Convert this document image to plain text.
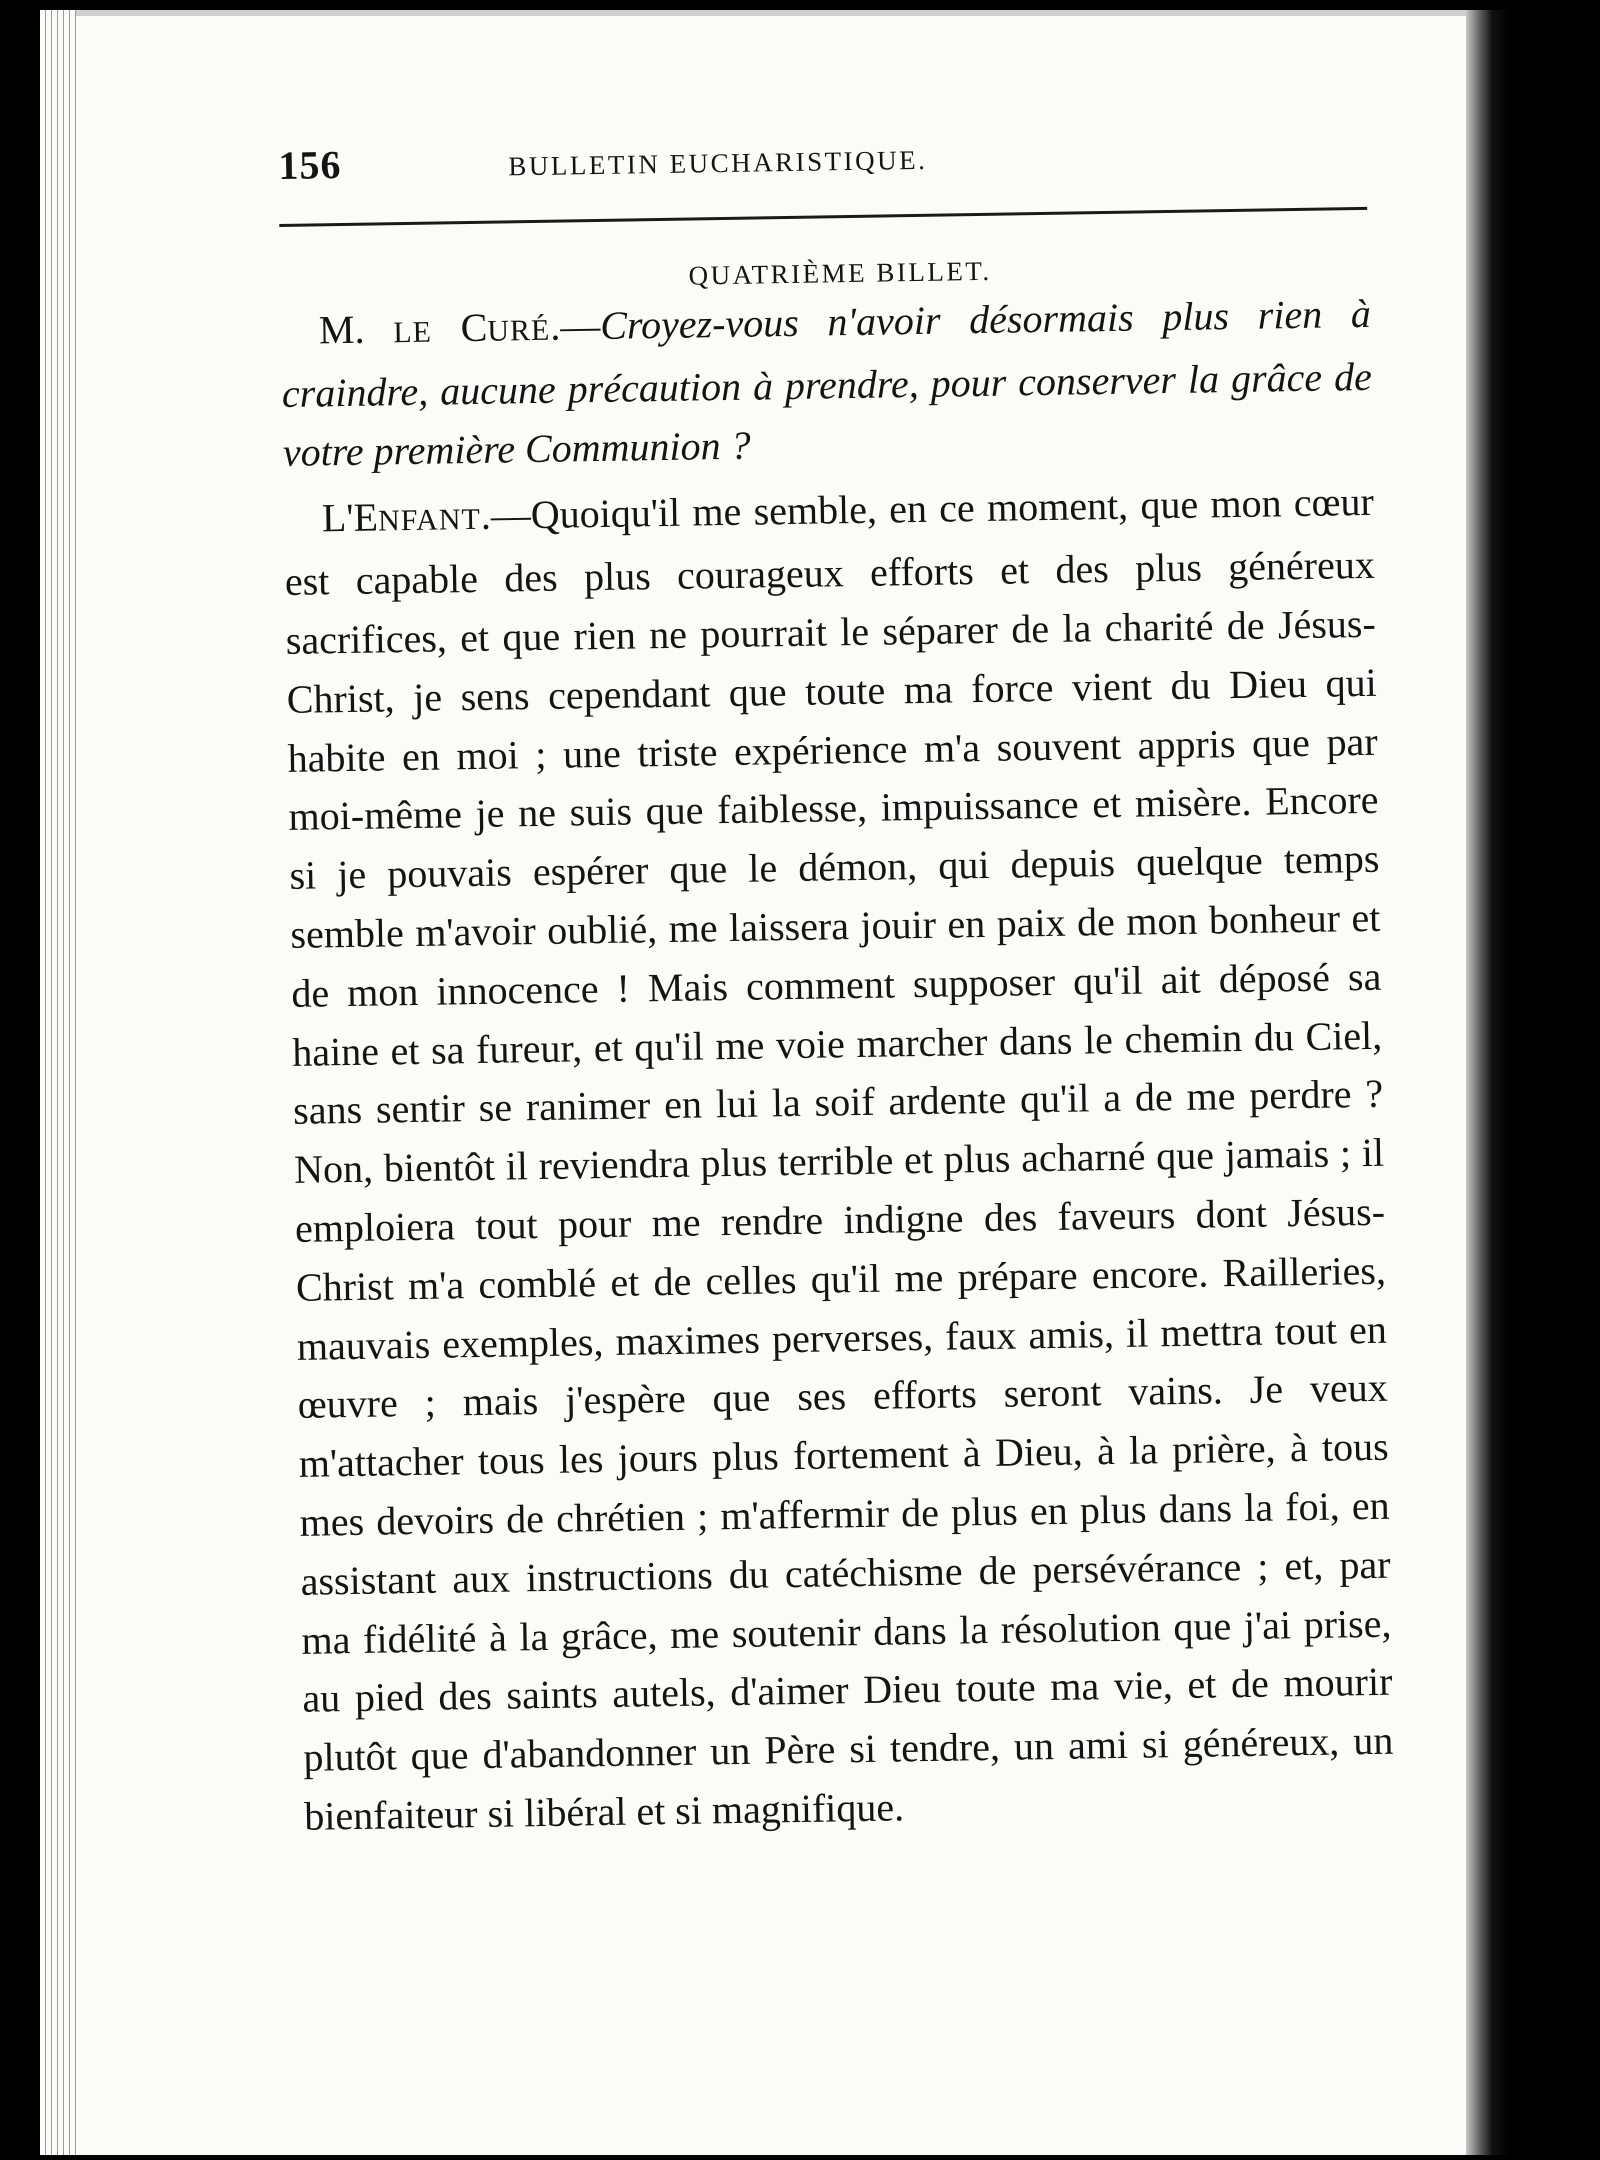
156	BULLETIN EUCHARISTIQUE.
QUATRIÈME BILLET.

M. LE CURÉ.—Croyez-vous n'avoir désormais plus rien à craindre, aucune précaution à prendre, pour conserver la grâce de votre première Communion ?

L'ENFANT.—Quoiqu'il me semble, en ce moment, que mon cœur est capable des plus courageux efforts et des plus généreux sacrifices, et que rien ne pourrait le séparer de la charité de Jésus-Christ, je sens cependant que toute ma force vient du Dieu qui habite en moi ; une triste expérience m'a souvent appris que par moi-même je ne suis que faiblesse, impuissance et misère. Encore si je pouvais espérer que le démon, qui depuis quelque temps semble m'avoir oublié, me laissera jouir en paix de mon bonheur et de mon innocence ! Mais comment supposer qu'il ait déposé sa haine et sa fureur, et qu'il me voie marcher dans le chemin du Ciel, sans sentir se ranimer en lui la soif ardente qu'il a de me perdre ? Non, bientôt il reviendra plus terrible et plus acharné que jamais ; il emploiera tout pour me rendre indigne des faveurs dont Jésus-Christ m'a comblé et de celles qu'il me prépare encore. Railleries, mauvais exemples, maximes perverses, faux amis, il mettra tout en œuvre ; mais j'espère que ses efforts seront vains. Je veux m'attacher tous les jours plus fortement à Dieu, à la prière, à tous mes devoirs de chrétien ; m'affermir de plus en plus dans la foi, en assistant aux instructions du catéchisme de persévérance ; et, par ma fidélité à la grâce, me soutenir dans la résolution que j'ai prise, au pied des saints autels, d'aimer Dieu toute ma vie, et de mourir plutôt que d'abandonner un Père si tendre, un ami si généreux, un bienfaiteur si libéral et si magnifique.
